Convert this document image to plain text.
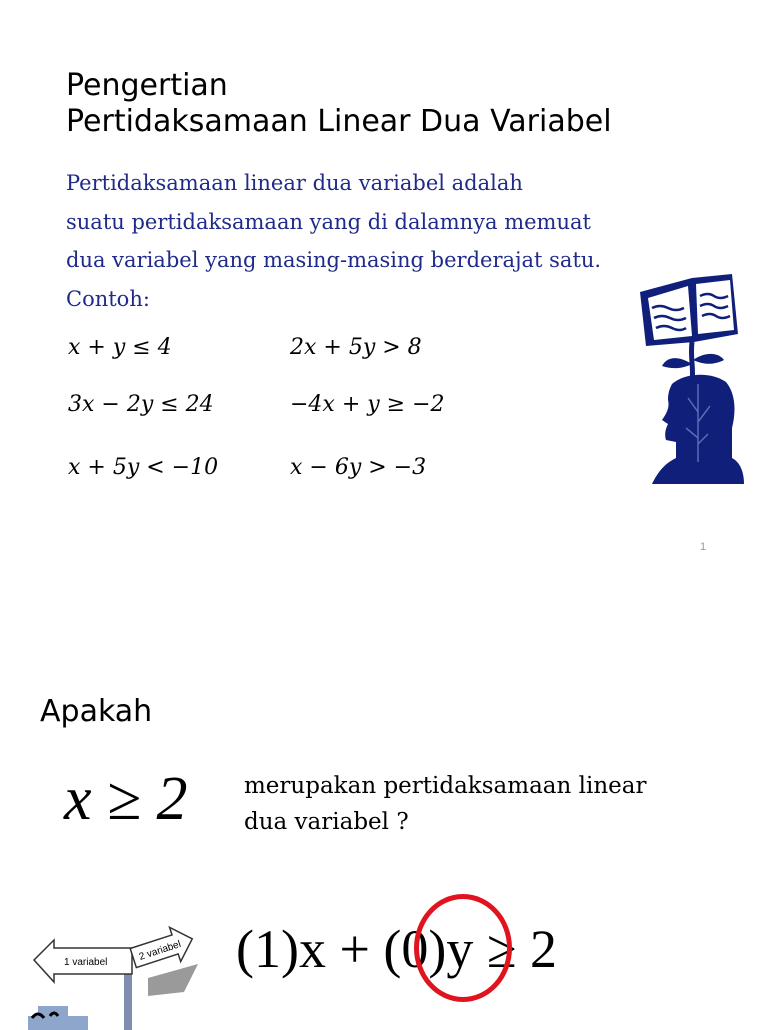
Pengertian
Pertidaksamaan Linear Dua Variabel
Pertidaksamaan linear dua variabel adalah
suatu pertidaksamaan yang di dalamnya memuat
dua variabel yang masing-masing berderajat satu.
Contoh:
x + y ≤ 4	2x + 5y > 8
3x − 2y ≤ 24	−4x + y ≥ −2
x + 5y < −10	x − 6y > −3
1
Apakah
x ≥ 2 merupakan pertidaksamaan linear
dua variabel ?
(1)x + (0)y ≥ 2
1 variabel	2 variabel
